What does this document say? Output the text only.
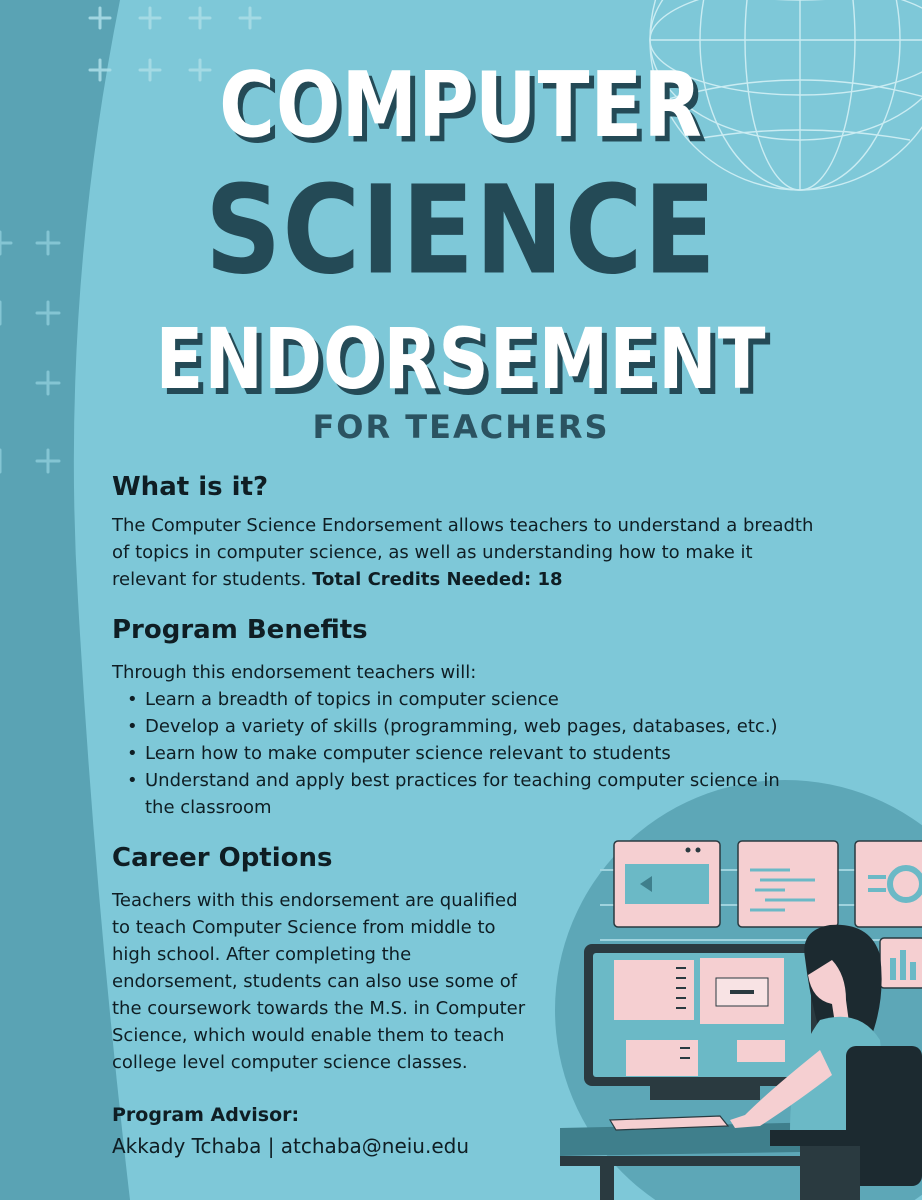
COMPUTER
SCIENCE
ENDORSEMENT
FOR TEACHERS
What is it?
The Computer Science Endorsement allows teachers to understand a breadth of topics in computer science, as well as understanding how to make it relevant for students. Total Credits Needed: 18
Program Benefits
Through this endorsement teachers will:
• Learn a breadth of topics in computer science
• Develop a variety of skills (programming, web pages, databases, etc.)
• Learn how to make computer science relevant to students
• Understand and apply best practices for teaching computer science in the classroom
Career Options
Teachers with this endorsement are qualified to teach Computer Science from middle to high school. After completing the endorsement, students can also use some of the coursework towards the M.S. in Computer Science, which would enable them to teach college level computer science classes.
Program Advisor:
Akkady Tchaba | atchaba@neiu.edu
